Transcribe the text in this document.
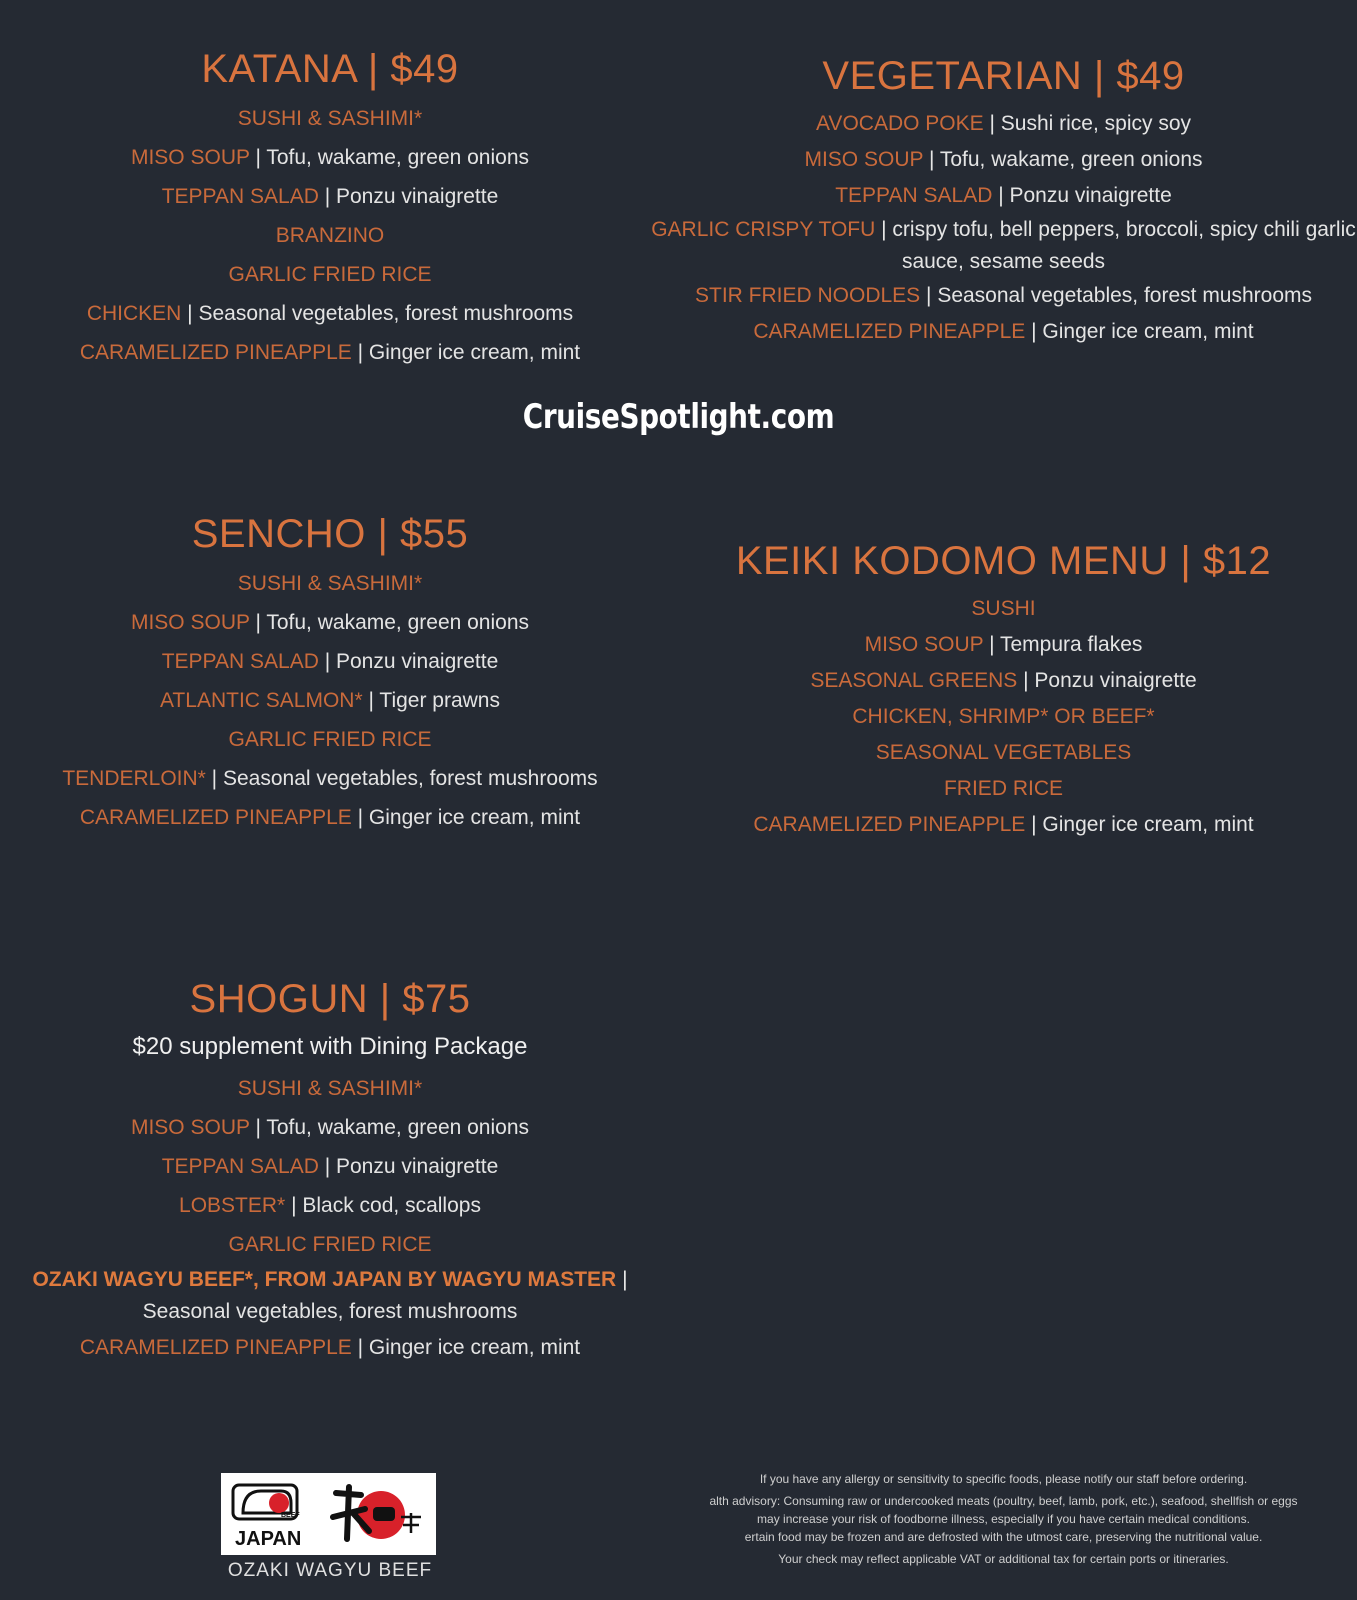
KATANA | $49

SUSHI & SASHIMI*

MISO SOUP | Tofu, wakame, green onions

TEPPAN SALAD | Ponzu vinaigrette

BRANZINO

GARLIC FRIED RICE

CHICKEN | Seasonal vegetables, forest mushrooms

CARAMELIZED PINEAPPLE | Ginger ice cream, mint

VEGETARIAN | $49

AVOCADO POKE | Sushi rice, spicy soy

MISO SOUP | Tofu, wakame, green onions

TEPPAN SALAD | Ponzu vinaigrette

GARLIC CRISPY TOFU | crispy tofu, bell peppers, broccoli, spicy chili garlic sauce, sesame seeds

STIR FRIED NOODLES | Seasonal vegetables, forest mushrooms

CARAMELIZED PINEAPPLE | Ginger ice cream, mint

CruiseSpotlight.com
SENCHO | $55

SUSHI & SASHIMI*

MISO SOUP | Tofu, wakame, green onions

TEPPAN SALAD | Ponzu vinaigrette

ATLANTIC SALMON* | Tiger prawns

GARLIC FRIED RICE

TENDERLOIN* | Seasonal vegetables, forest mushrooms

CARAMELIZED PINEAPPLE | Ginger ice cream, mint

KEIKI KODOMO MENU | $12

SUSHI

MISO SOUP | Tempura flakes

SEASONAL GREENS | Ponzu vinaigrette

CHICKEN, SHRIMP* OR BEEF*

SEASONAL VEGETABLES

FRIED RICE

CARAMELIZED PINEAPPLE | Ginger ice cream, mint

SHOGUN | $75

$20 supplement with Dining Package

SUSHI & SASHIMI*

MISO SOUP | Tofu, wakame, green onions

TEPPAN SALAD | Ponzu vinaigrette

LOBSTER* | Black cod, scallops

GARLIC FRIED RICE

OZAKI WAGYU BEEF*, FROM JAPAN BY WAGYU MASTER |
Seasonal vegetables, forest mushrooms

CARAMELIZED PINEAPPLE | Ginger ice cream, mint

BEEF
JAPAN
OZAKI WAGYU BEEF

If you have any allergy or sensitivity to specific foods, please notify our staff before ordering.

alth advisory: Consuming raw or undercooked meats (poultry, beef, lamb, pork, etc.), seafood, shellfish or eggs

may increase your risk of foodborne illness, especially if you have certain medical conditions.

ertain food may be frozen and are defrosted with the utmost care, preserving the nutritional value.

Your check may reflect applicable VAT or additional tax for certain ports or itineraries.
